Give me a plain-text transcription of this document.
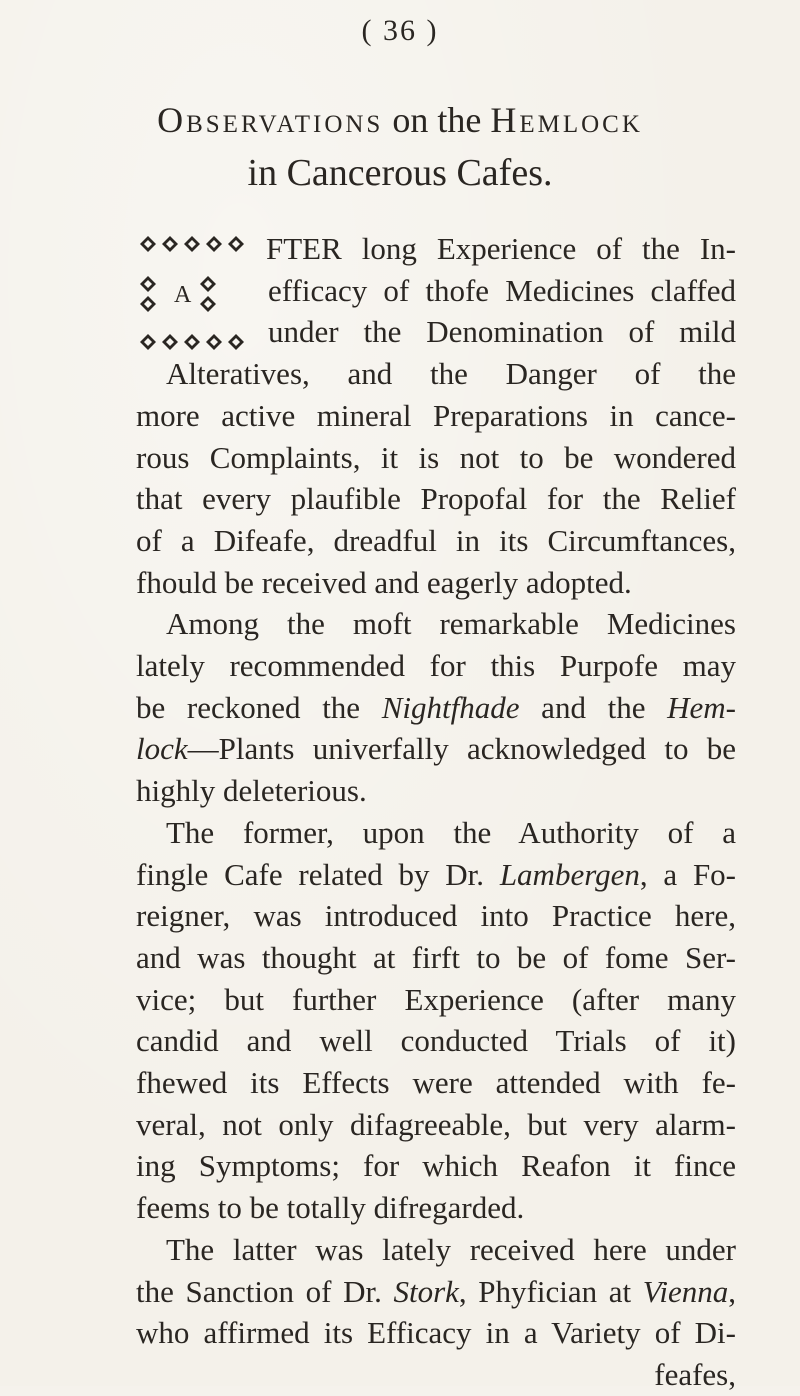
( 36 )
Observations on the Hemlock
in Cancerous Cafes.
A
FTER long Experience of the In-
efficacy of thofe Medicines claffed
under the Denomination of mild
Alteratives, and the Danger of the
more active mineral Preparations in cance-
rous Complaints, it is not to be wondered
that every plaufible Propofal for the Relief
of a Difeafe, dreadful in its Circumftances,
fhould be received and eagerly adopted.
Among the moft remarkable Medicines
lately recommended for this Purpofe may
be reckoned the Nightfhade and the Hem-
lock—Plants univerfally acknowledged to be
highly deleterious.
The former, upon the Authority of a
fingle Cafe related by Dr. Lambergen, a Fo-
reigner, was introduced into Practice here,
and was thought at firft to be of fome Ser-
vice; but further Experience (after many
candid and well conducted Trials of it)
fhewed its Effects were attended with fe-
veral, not only difagreeable, but very alarm-
ing Symptoms; for which Reafon it fince
feems to be totally difregarded.
The latter was lately received here under
the Sanction of Dr. Stork, Phyfician at Vienna,
who affirmed its Efficacy in a Variety of Di-
feafes,
